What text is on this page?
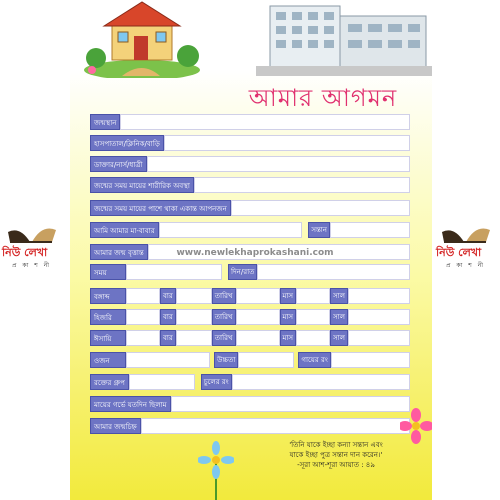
নিউ লেখা
প্র কা শ নী
নিউ লেখা
প্র কা শ নী
আমার আগমন
জন্মস্থান
হাসপাতাল/ক্লিনিক/বাড়ি
ডাক্তার/নার্স/ধাত্রী
জন্মের সময় মায়ের শারীরিক অবস্থা
জন্মের সময় মায়ের পাশে থাকা একান্ত আপনজন
আমি আমার মা-বাবার	সন্তান
আমার জন্ম বৃত্তান্ত
সময়	দিন/রাত
বঙ্গাব্দ	বার	তারিখ	মাস	সাল
হিজরি	বার	তারিখ	মাস	সাল
ঈসায়ি	বার	তারিখ	মাস	সাল
ওজন	উচ্চতা	গায়ের রং
রক্তের গ্রুপ	চুলের রং
মায়ের গর্ভে যতদিন ছিলাম
আমার জন্মচিহ্ন
www.newlekhaprokashani.com
'তিনি যাকে ইচ্ছা কন্যা সন্তান এবং
যাকে ইচ্ছা পুত্র সন্তান দান করেন।'
-সূরা আশ-শূরা আয়াত : ৪৯
